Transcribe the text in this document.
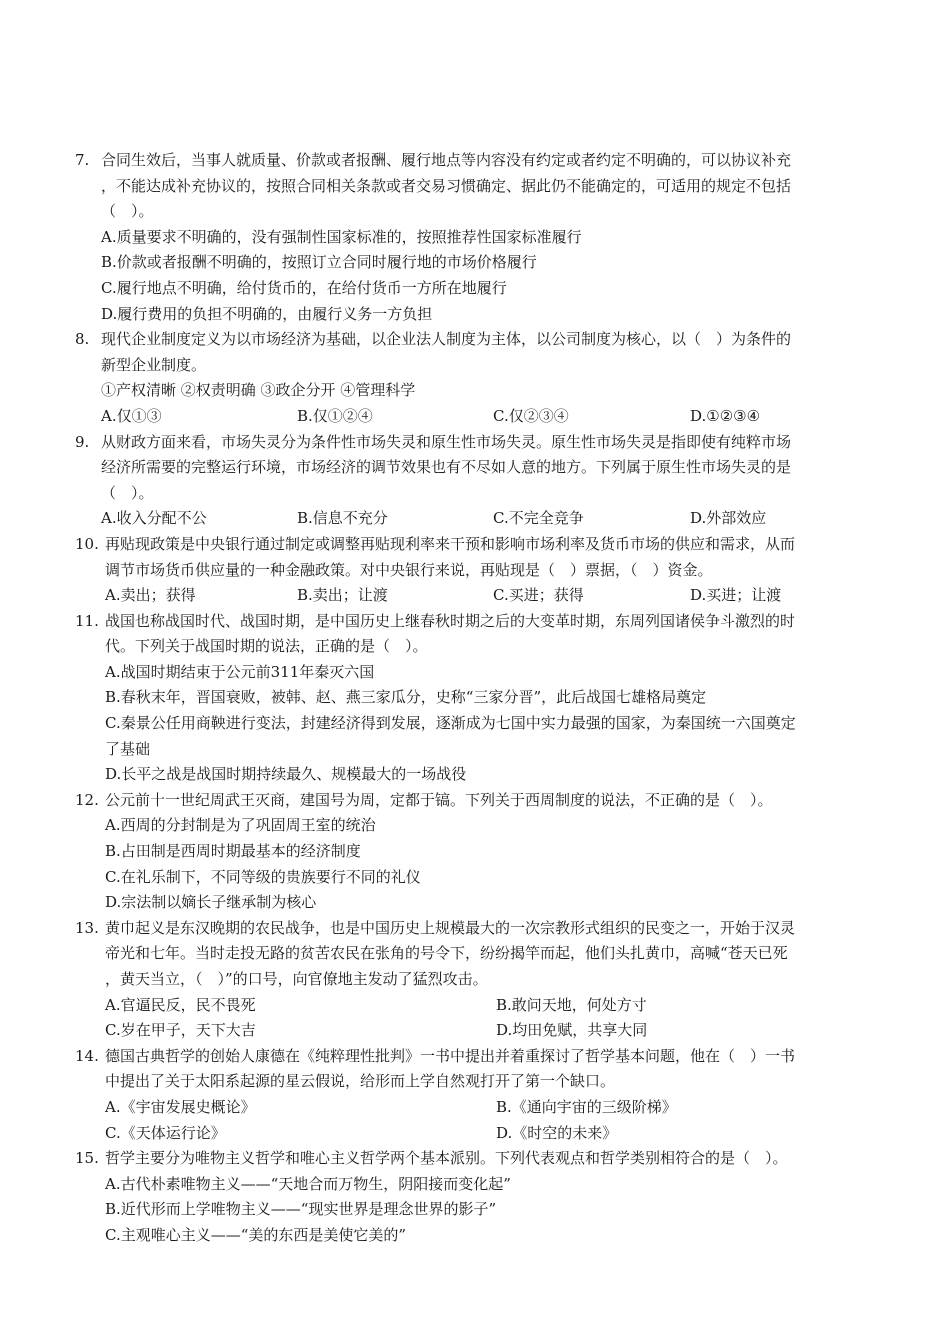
7. 合同生效后，当事人就质量、价款或者报酬、履行地点等内容没有约定或者约定不明确的，可以协议补充
，不能达成补充协议的，按照合同相关条款或者交易习惯确定、据此仍不能确定的，可适用的规定不包括
（　）。
A.质量要求不明确的，没有强制性国家标准的，按照推荐性国家标准履行
B.价款或者报酬不明确的，按照订立合同时履行地的市场价格履行
C.履行地点不明确，给付货币的，在给付货币一方所在地履行
D.履行费用的负担不明确的，由履行义务一方负担
8. 现代企业制度定义为以市场经济为基础，以企业法人制度为主体，以公司制度为核心，以（　）为条件的
新型企业制度。
①产权清晰 ②权责明确 ③政企分开 ④管理科学
A.仅①③	B.仅①②④	C.仅②③④	D.①②③④
9. 从财政方面来看，市场失灵分为条件性市场失灵和原生性市场失灵。原生性市场失灵是指即使有纯粹市场
经济所需要的完整运行环境，市场经济的调节效果也有不尽如人意的地方。下列属于原生性市场失灵的是
（　）。
A.收入分配不公	B.信息不充分	C.不完全竞争	D.外部效应
10. 再贴现政策是中央银行通过制定或调整再贴现利率来干预和影响市场利率及货币市场的供应和需求，从而
调节市场货币供应量的一种金融政策。对中央银行来说，再贴现是（　）票据，（　）资金。
A.卖出；获得	B.卖出；让渡	C.买进；获得	D.买进；让渡
11. 战国也称战国时代、战国时期，是中国历史上继春秋时期之后的大变革时期，东周列国诸侯争斗激烈的时
代。下列关于战国时期的说法，正确的是（　）。
A.战国时期结束于公元前311年秦灭六国
B.春秋末年，晋国衰败，被韩、赵、燕三家瓜分，史称“三家分晋”，此后战国七雄格局奠定
C.秦景公任用商鞅进行变法，封建经济得到发展，逐渐成为七国中实力最强的国家，为秦国统一六国奠定
了基础
D.长平之战是战国时期持续最久、规模最大的一场战役
12. 公元前十一世纪周武王灭商，建国号为周，定都于镐。下列关于西周制度的说法，不正确的是（　）。
A.西周的分封制是为了巩固周王室的统治
B.占田制是西周时期最基本的经济制度
C.在礼乐制下，不同等级的贵族要行不同的礼仪
D.宗法制以嫡长子继承制为核心
13. 黄巾起义是东汉晚期的农民战争，也是中国历史上规模最大的一次宗教形式组织的民变之一，开始于汉灵
帝光和七年。当时走投无路的贫苦农民在张角的号令下，纷纷揭竿而起，他们头扎黄巾，高喊“苍天已死
，黄天当立，（　）”的口号，向官僚地主发动了猛烈攻击。
A.官逼民反，民不畏死	B.敢问天地，何处方寸
C.岁在甲子，天下大吉	D.均田免赋，共享大同
14. 德国古典哲学的创始人康德在《纯粹理性批判》一书中提出并着重探讨了哲学基本问题，他在（　）一书
中提出了关于太阳系起源的星云假说，给形而上学自然观打开了第一个缺口。
A.《宇宙发展史概论》	B.《通向宇宙的三级阶梯》
C.《天体运行论》	D.《时空的未来》
15. 哲学主要分为唯物主义哲学和唯心主义哲学两个基本派别。下列代表观点和哲学类别相符合的是（　）。
A.古代朴素唯物主义——“天地合而万物生，阴阳接而变化起”
B.近代形而上学唯物主义——“现实世界是理念世界的影子”
C.主观唯心主义——“美的东西是美使它美的”
